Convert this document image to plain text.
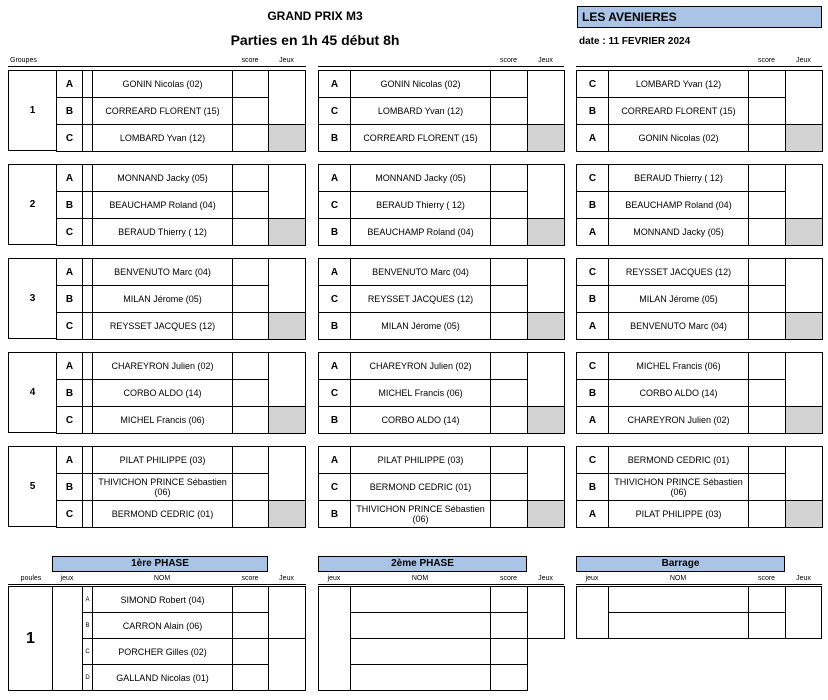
GRAND PRIX M3
Parties en 1h 45 début 8h
LES AVENIERES
date : 11 FEVRIER 2024
Groupes	score	Jeux	score	Jeux	score	Jeux
1
A	GONIN Nicolas (02)
B	CORREARD FLORENT (15)
C	LOMBARD Yvan (12)
A	GONIN Nicolas (02)
C	LOMBARD Yvan (12)
B	CORREARD FLORENT (15)
C	LOMBARD Yvan (12)
B	CORREARD FLORENT (15)
A	GONIN Nicolas (02)
2
A	MONNAND Jacky (05)
B	BEAUCHAMP Roland (04)
C	BERAUD Thierry ( 12)
A	MONNAND Jacky (05)
C	BERAUD Thierry ( 12)
B	BEAUCHAMP Roland (04)
C	BERAUD Thierry ( 12)
B	BEAUCHAMP Roland (04)
A	MONNAND Jacky (05)
3
A	BENVENUTO Marc (04)
B	MILAN Jérome (05)
C	REYSSET JACQUES (12)
A	BENVENUTO Marc (04)
C	REYSSET JACQUES (12)
B	MILAN Jérome (05)
C	REYSSET JACQUES (12)
B	MILAN Jérome (05)
A	BENVENUTO Marc (04)
4
A	CHAREYRON Julien (02)
B	CORBO ALDO (14)
C	MICHEL Francis (06)
A	CHAREYRON Julien (02)
C	MICHEL Francis (06)
B	CORBO ALDO (14)
C	MICHEL Francis (06)
B	CORBO ALDO (14)
A	CHAREYRON Julien (02)
5
A	PILAT PHILIPPE (03)
B	THIVICHON PRINCE Sébastien (06)
C	BERMOND CEDRIC (01)
A	PILAT PHILIPPE (03)
C	BERMOND CEDRIC (01)
B	THIVICHON PRINCE Sébastien (06)
C	BERMOND CEDRIC (01)
B	THIVICHON PRINCE Sébastien (06)
A	PILAT PHILIPPE (03)
1ère PHASE	2ème PHASE	Barrage
poules	jeux	NOM	score	Jeux	jeux	NOM	score	Jeux	jeux	NOM	score	Jeux
1
A	SIMOND Robert (04)
B	CARRON Alain (06)
C	PORCHER Gilles (02)
D	GALLAND Nicolas (01)
